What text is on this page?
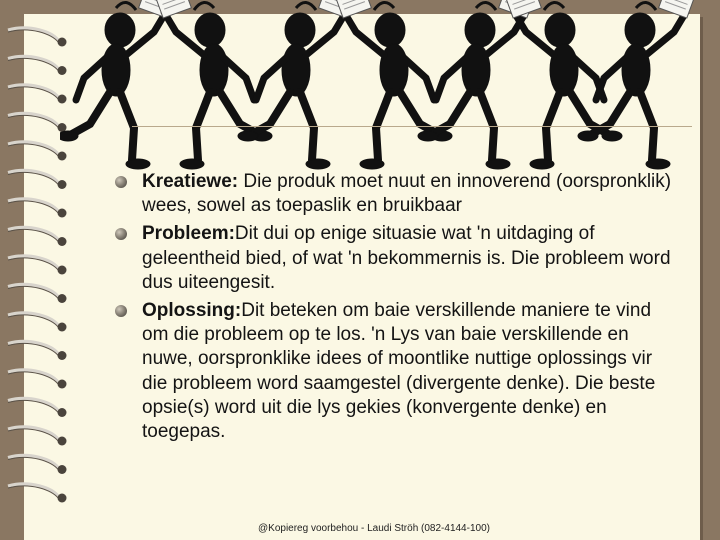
Kreatiewe: Die produk moet nuut en innoverend (oorspronklik) wees, sowel as toepaslik en bruikbaar
Probleem:Dit dui op enige situasie wat 'n uitdaging of geleentheid bied, of wat 'n bekommernis is. Die probleem word dus uiteengesit.
Oplossing:Dit beteken om baie verskillende maniere te vind om die probleem op te los. 'n Lys van baie verskillende en nuwe, oorspronklike idees of moontlike nuttige oplossings vir die probleem word saamgestel (divergente denke). Die beste opsie(s) word uit die lys gekies (konvergente denke) en toegepas.
@Kopiereg voorbehou - Laudi Ströh (082-4144-100)
